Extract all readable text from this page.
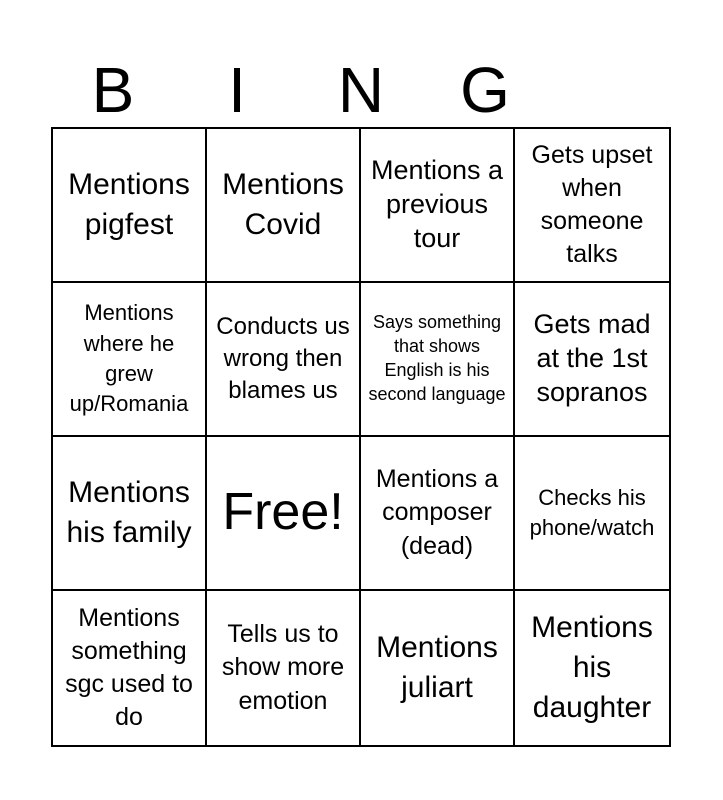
B	I	N	G
Mentions pigfest
Mentions Covid
Mentions a previous tour
Gets upset when someone talks
Mentions where he grew up/Romania
Conducts us wrong then blames us
Says something that shows English is his second language
Gets mad at the 1st sopranos
Mentions his family Free!
Mentions a composer (dead)
Checks his phone/watch
Mentions something sgc used to do
Tells us to show more emotion
Mentions juliart
Mentions his daughter
